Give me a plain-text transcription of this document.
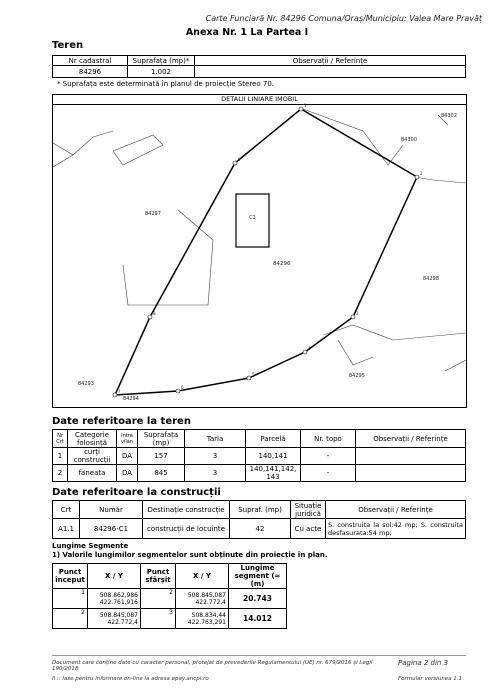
Carte Funciară Nr. 84296 Comuna/Oraș/Municipiu: Valea Mare Pravăț
Anexa Nr. 1 La Partea I
Teren
Nr cadastral	Suprafața (mp)*	Observații / Referințe
84296	1.002	
* Suprafața este determinată în planul de proiecție Stereo 70.
DETALII LINIARE IMOBIL
84302
84300
84297
C1
84296
84298
84293
84295
84294
1
2
3
4
5
6
7
8
9
Date referitoare la teren
Nr Crt	Categorie folosință	Intra vilan	Suprafața (mp)	Tarla	Parcelă	Nr. topo	Observații / Referințe
1	curți construcții	DA	157	3	140,141	-	
2	faneata	DA	845	3	140,141,142, 143	-	
Date referitoare la construcții
Crt	Număr	Destinație construcție	Supraf. (mp)	Situație juridică	Observații / Referințe
A1.1	84296-C1	construcții de locuinte	42	Cu acte	S. construita la sol:42 mp; S. construita desfasurata:54 mp;
Lungime Segmente
1) Valorile lungimilor segmentelor sunt obținute din proiecție în plan.
Punct început	X / Y	Punct sfârșit	X / Y	Lungime segment (≈ (m)
1	508.862,986 422.761,916	2	508.845,087 422.772,4	20.743
2	508.845,087 422.772,4	3	508.834,44 422.763,291	14.012
Document care conține date cu caracter personal, protejat de prevederile Regulamentului (UE) nr. 679/2016 și Legii 190/2018
Pagina 2 din 3
Il :: iase pentru informare on-line la adresa epay.ancpi.ro	Formular versiunea 1.1
